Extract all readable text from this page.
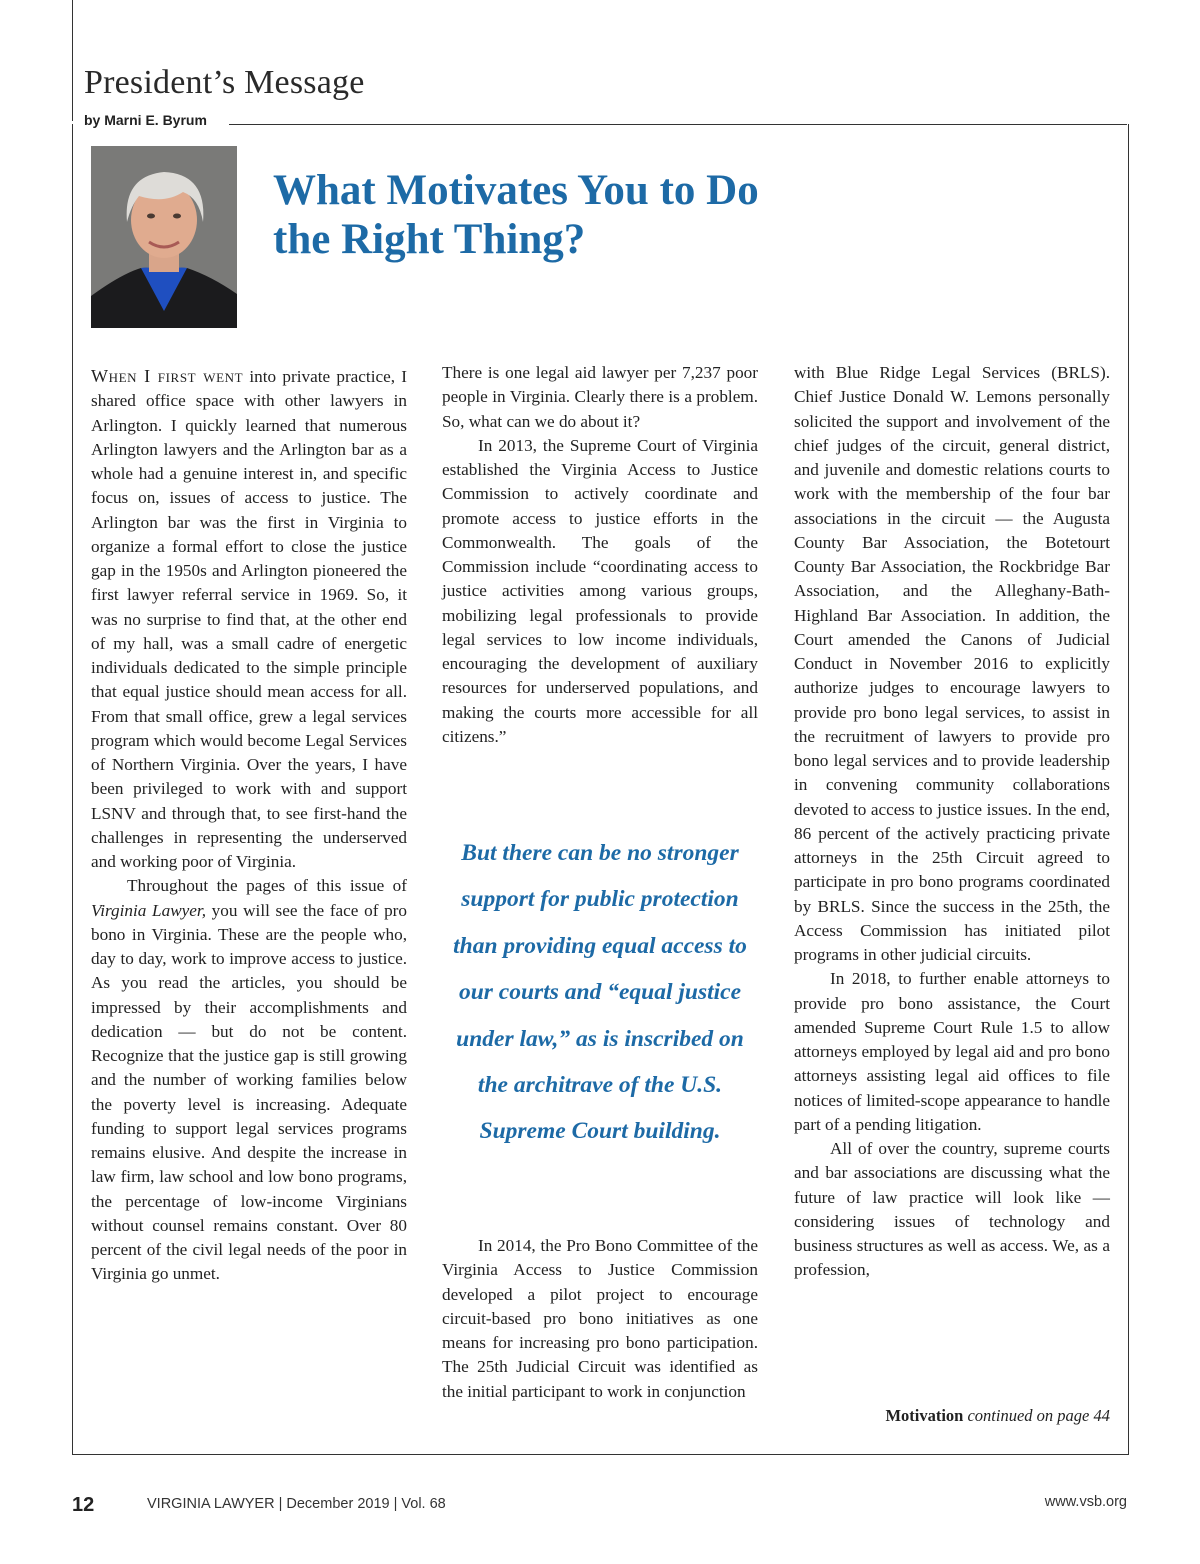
President’s Message
by Marni E. Byrum
What Motivates You to Do the Right Thing?

When I first went into private practice, I shared office space with other lawyers in Arlington. I quickly learned that numerous Arlington lawyers and the Arlington bar as a whole had a genuine interest in, and specific focus on, issues of access to justice. The Arlington bar was the first in Virginia to organize a formal effort to close the justice gap in the 1950s and Arlington pioneered the first lawyer referral service in 1969. So, it was no surprise to find that, at the other end of my hall, was a small cadre of energetic individuals dedicated to the simple principle that equal justice should mean access for all. From that small office, grew a legal services program which would become Legal Services of Northern Virginia. Over the years, I have been privileged to work with and support LSNV and through that, to see first-hand the challenges in representing the underserved and working poor of Virginia.

Throughout the pages of this issue of Virginia Lawyer, you will see the face of pro bono in Virginia. These are the people who, day to day, work to improve access to justice. As you read the articles, you should be impressed by their accomplishments and dedication — but do not be content. Recognize that the justice gap is still growing and the number of working families below the poverty level is increasing. Adequate funding to support legal services programs remains elusive. And despite the increase in law firm, law school and low bono programs, the percentage of low-income Virginians without counsel remains constant. Over 80 percent of the civil legal needs of the poor in Virginia go unmet.

There is one legal aid lawyer per 7,237 poor people in Virginia. Clearly there is a problem. So, what can we do about it?

In 2013, the Supreme Court of Virginia established the Virginia Access to Justice Commission to actively coordinate and promote access to justice efforts in the Commonwealth. The goals of the Commission include “coordinating access to justice activities among various groups, mobilizing legal professionals to provide legal services to low income individuals, encouraging the development of auxiliary resources for underserved populations, and making the courts more accessible for all citizens.”

But there can be no stronger support for public protection than providing equal access to our courts and “equal justice under law,” as is inscribed on the architrave of the U.S. Supreme Court building.

In 2014, the Pro Bono Committee of the Virginia Access to Justice Commission developed a pilot project to encourage circuit-based pro bono initiatives as one means for increasing pro bono participation. The 25th Judicial Circuit was identified as the initial participant to work in conjunction

with Blue Ridge Legal Services (BRLS). Chief Justice Donald W. Lemons personally solicited the support and involvement of the chief judges of the circuit, general district, and juvenile and domestic relations courts to work with the membership of the four bar associations in the circuit — the Augusta County Bar Association, the Botetourt County Bar Association, the Rockbridge Bar Association, and the Alleghany-Bath-Highland Bar Association. In addition, the Court amended the Canons of Judicial Conduct in November 2016 to explicitly authorize judges to encourage lawyers to provide pro bono legal services, to assist in the recruitment of lawyers to provide pro bono legal services and to provide leadership in convening community collaborations devoted to access to justice issues. In the end, 86 percent of the actively practicing private attorneys in the 25th Circuit agreed to participate in pro bono programs coordinated by BRLS. Since the success in the 25th, the Access Commission has initiated pilot programs in other judicial circuits.

In 2018, to further enable attorneys to provide pro bono assistance, the Court amended Supreme Court Rule 1.5 to allow attorneys employed by legal aid and pro bono attorneys assisting legal aid offices to file notices of limited-scope appearance to handle part of a pending litigation.

All of over the country, supreme courts and bar associations are discussing what the future of law practice will look like — considering issues of technology and business structures as well as access. We, as a profession,

Motivation continued on page 44
12	VIRGINIA LAWYER | December 2019 | Vol. 68	www.vsb.org
